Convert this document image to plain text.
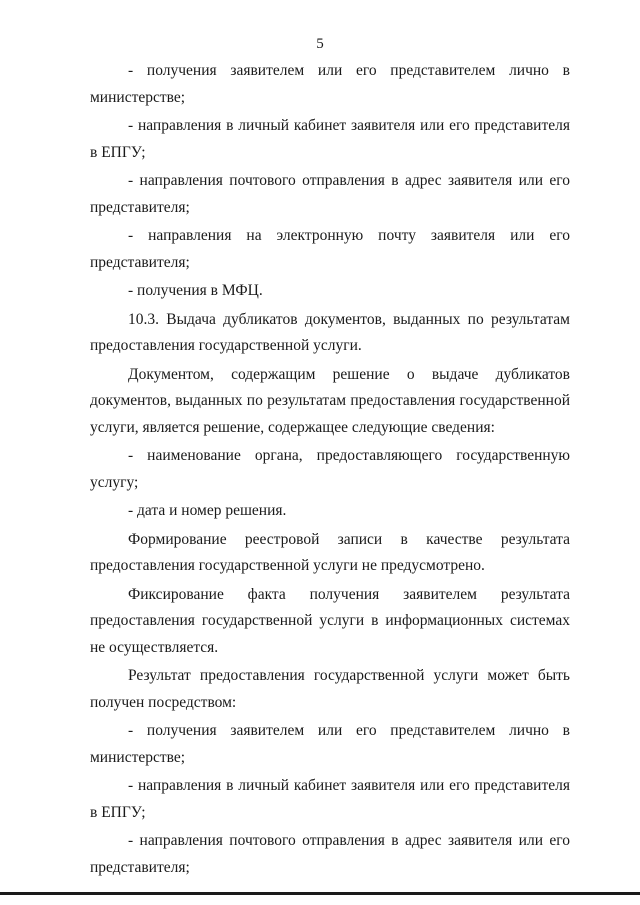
5

- получения заявителем или его представителем лично в министерстве;

- направления в личный кабинет заявителя или его представителя в ЕПГУ;

- направления почтового отправления в адрес заявителя или его представителя;

- направления на электронную почту заявителя или его представителя;

- получения в МФЦ.

10.3. Выдача дубликатов документов, выданных по результатам предоставления государственной услуги.

Документом, содержащим решение о выдаче дубликатов документов, выданных по результатам предоставления государственной услуги, является решение, содержащее следующие сведения:

- наименование органа, предоставляющего государственную услугу;

- дата и номер решения.

Формирование реестровой записи в качестве результата предоставления государственной услуги не предусмотрено.

Фиксирование факта получения заявителем результата предоставления государственной услуги в информационных системах не осуществляется.

Результат предоставления государственной услуги может быть получен посредством:

- получения заявителем или его представителем лично в министерстве;

- направления в личный кабинет заявителя или его представителя в ЕПГУ;

- направления почтового отправления в адрес заявителя или его представителя;
